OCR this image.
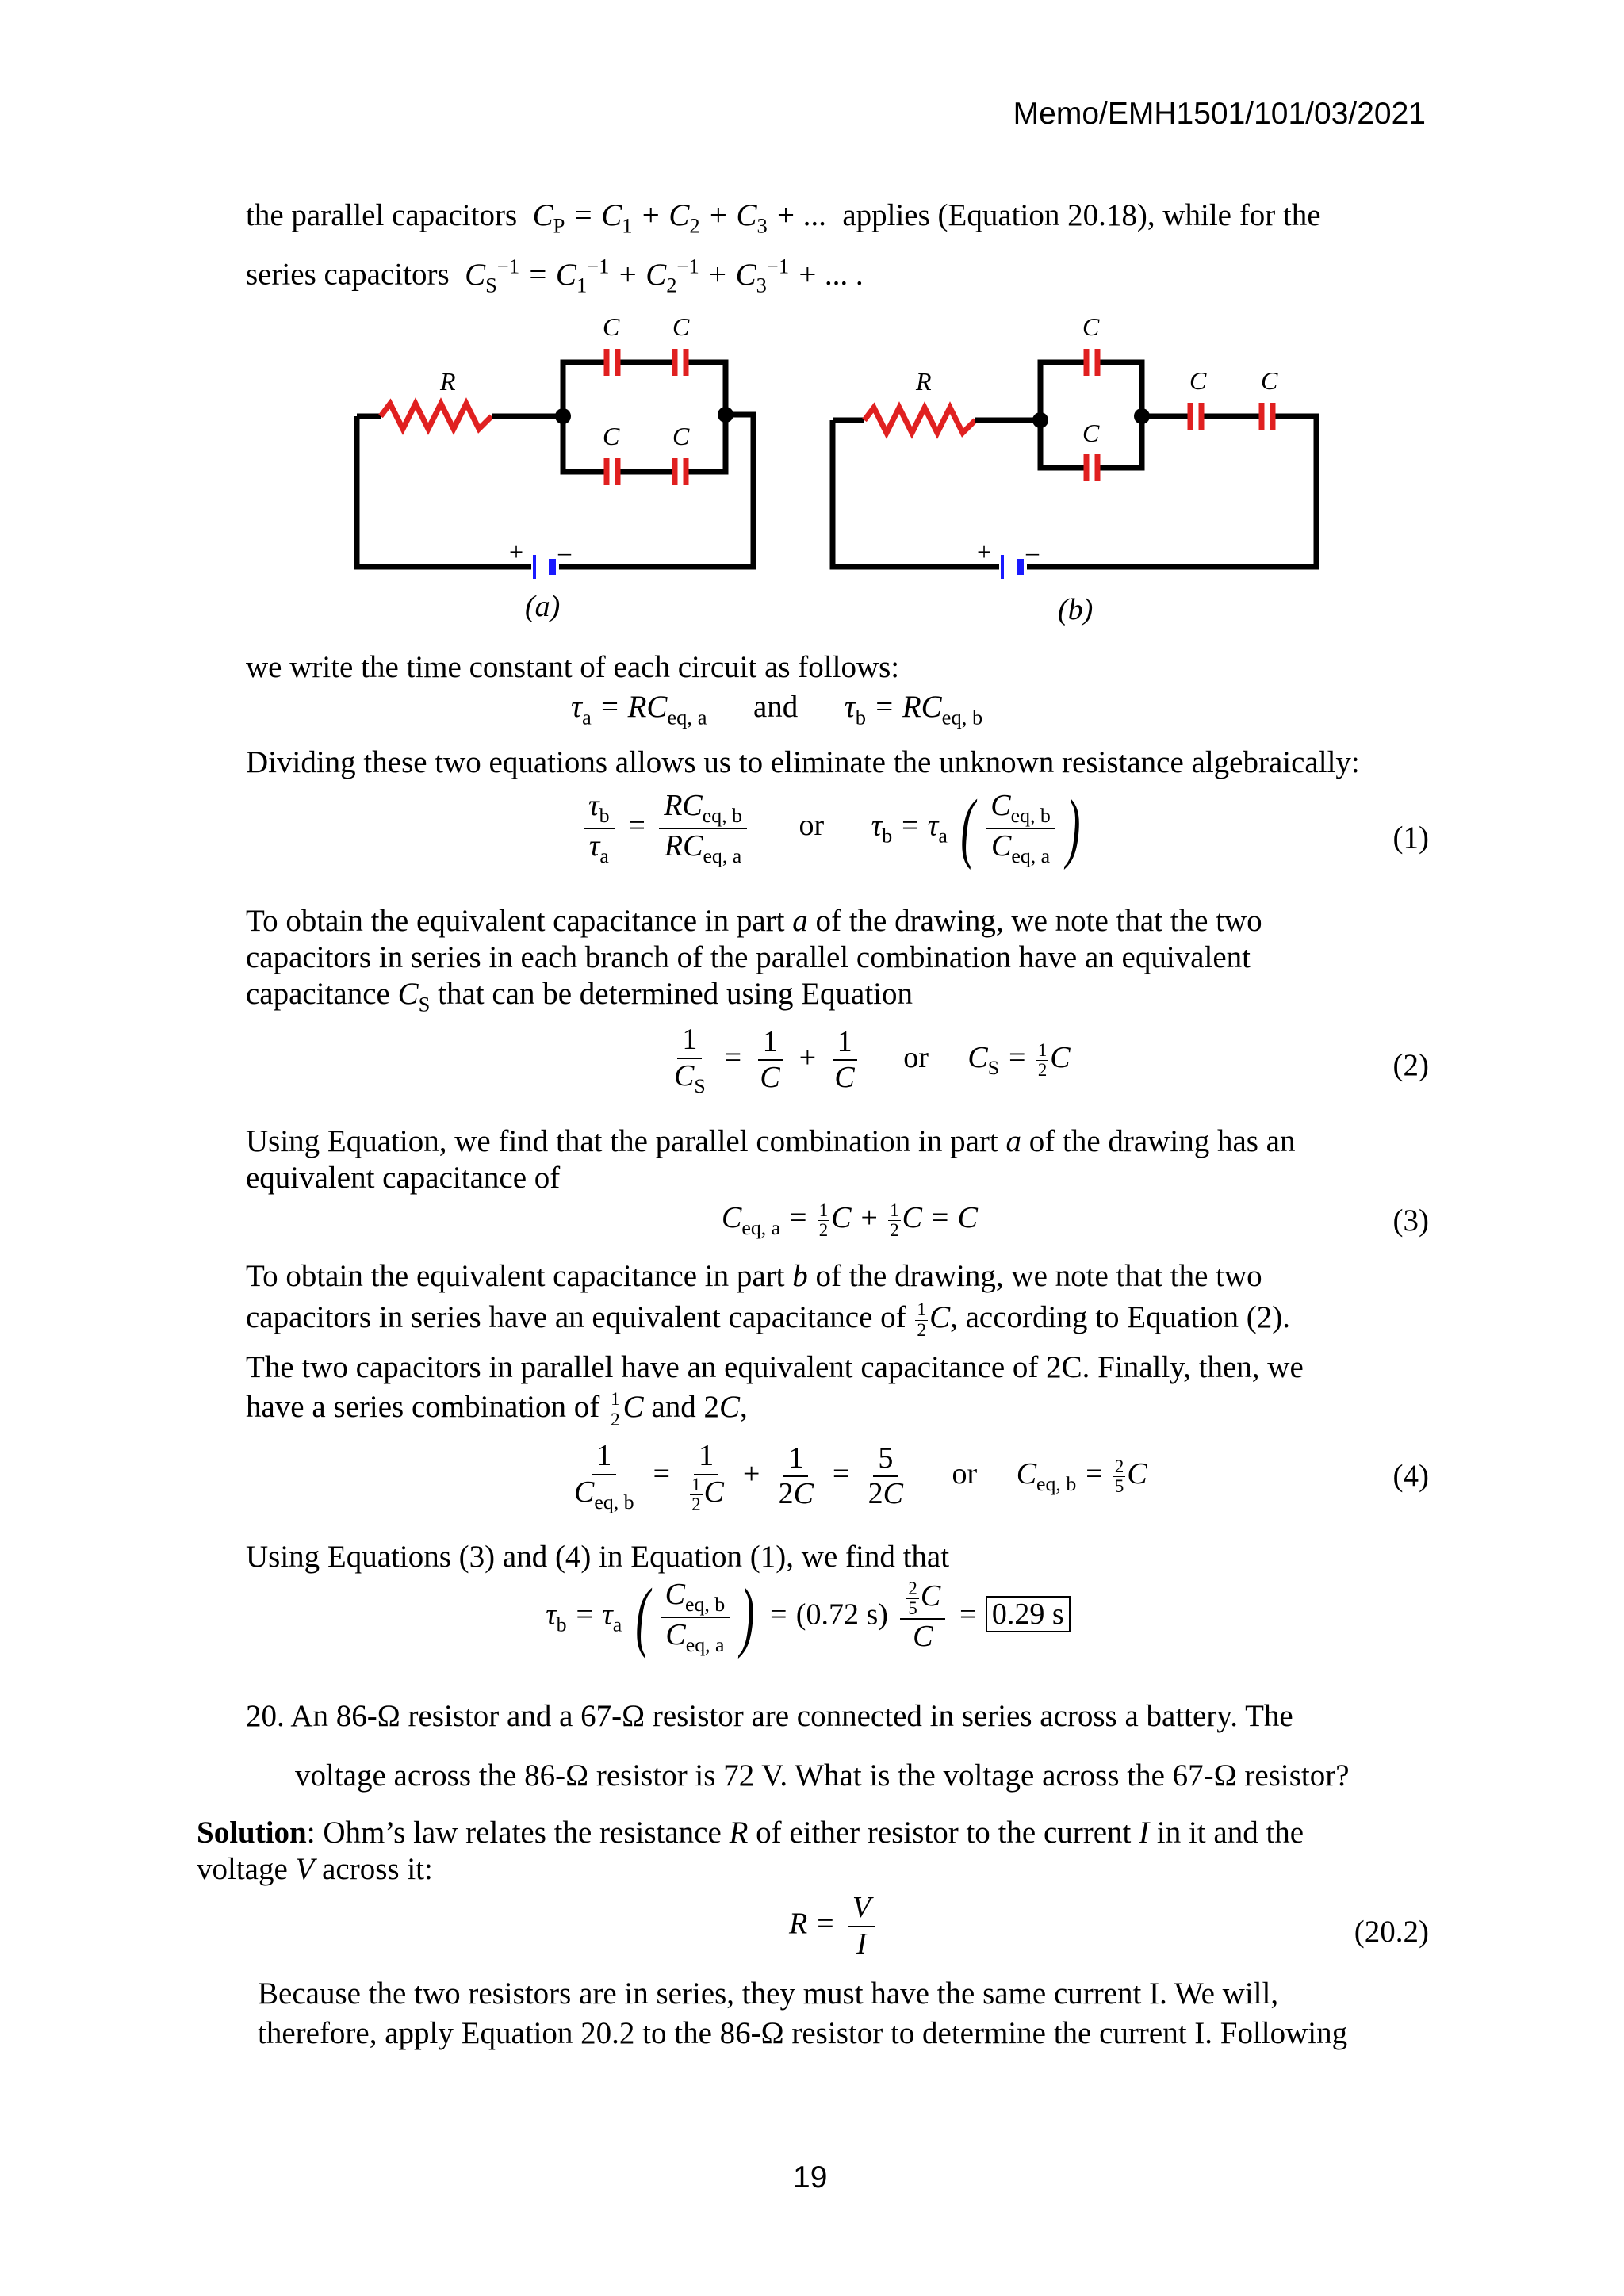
Memo/EMH1501/101/03/2021
the parallel capacitors  $C_P = C_1 + C_2 + C_3$ + ...  applies (Equation 20.18), while for the
series capacitors  $C_S^{-1} = C_1^{-1} + C_2^{-1} + C_3^{-1}$ + ... .
R
C C
C C
+ –
(a)
R
C
C
C C
+ –
(b)
we write the time constant of each circuit as follows:
$\tau_a = RC_{eq, a}$ and $\tau_b = RC_{eq, b}$
Dividing these two equations allows us to eliminate the unknown resistance algebraically:
$\frac{\tau_b}{\tau_a} = \frac{RC_{eq, b}}{RC_{eq, a}}$ or $\tau_b = \tau_a$ ( $\frac{C_{eq, b}}{C_{eq, a}}$ )	(1)
To obtain the equivalent capacitance in part a of the drawing, we note that the two
capacitors in series in each branch of the parallel combination have an equivalent
capacitance $C_S$ that can be determined using Equation
$\frac{1}{C_S} = \frac{1}{C} + \frac{1}{C}$ or $C_S = \frac{1}{2}$ C	(2)
Using Equation, we find that the parallel combination in part a of the drawing has an
equivalent capacitance of
$C_{eq, a} = \frac{1}{2}$ $C + \frac{1}{2}$ C = C	(3)
To obtain the equivalent capacitance in part b of the drawing, we note that the two
capacitors in series have an equivalent capacitance of $\frac{1}{2} C$, according to Equation (2).
The two capacitors in parallel have an equivalent capacitance of 2C. Finally, then, we
have a series combination of $\frac{1}{2}$ C and 2C,
$\frac{1}{C_{eq, b}} = \frac{1}{\frac{1}{2} C} + \frac{1}{2C} = \frac{5}{2C}$ or $C_{eq, b} = \frac{2}{5}$ C	(4)
Using Equations (3) and (4) in Equation (1), we find that
$\tau_b = \tau_a$ ( $\frac{C_{eq, b}}{C_{eq, a}}$ ) = (0.72 $s) \frac{\frac{2}{5} C}{C} = 0.29$ s
20. An 86-Ω resistor and a 67-Ω resistor are connected in series across a battery. The
voltage across the 86-Ω resistor is 72 V. What is the voltage across the 67-Ω resistor?
Solution: Ohm’s law relates the resistance R of either resistor to the current I in it and the
voltage V across it:
$R = \frac{V}{I}$	(20.2)
Because the two resistors are in series, they must have the same current I. We will,
therefore, apply Equation 20.2 to the 86-Ω resistor to determine the current I. Following
19
